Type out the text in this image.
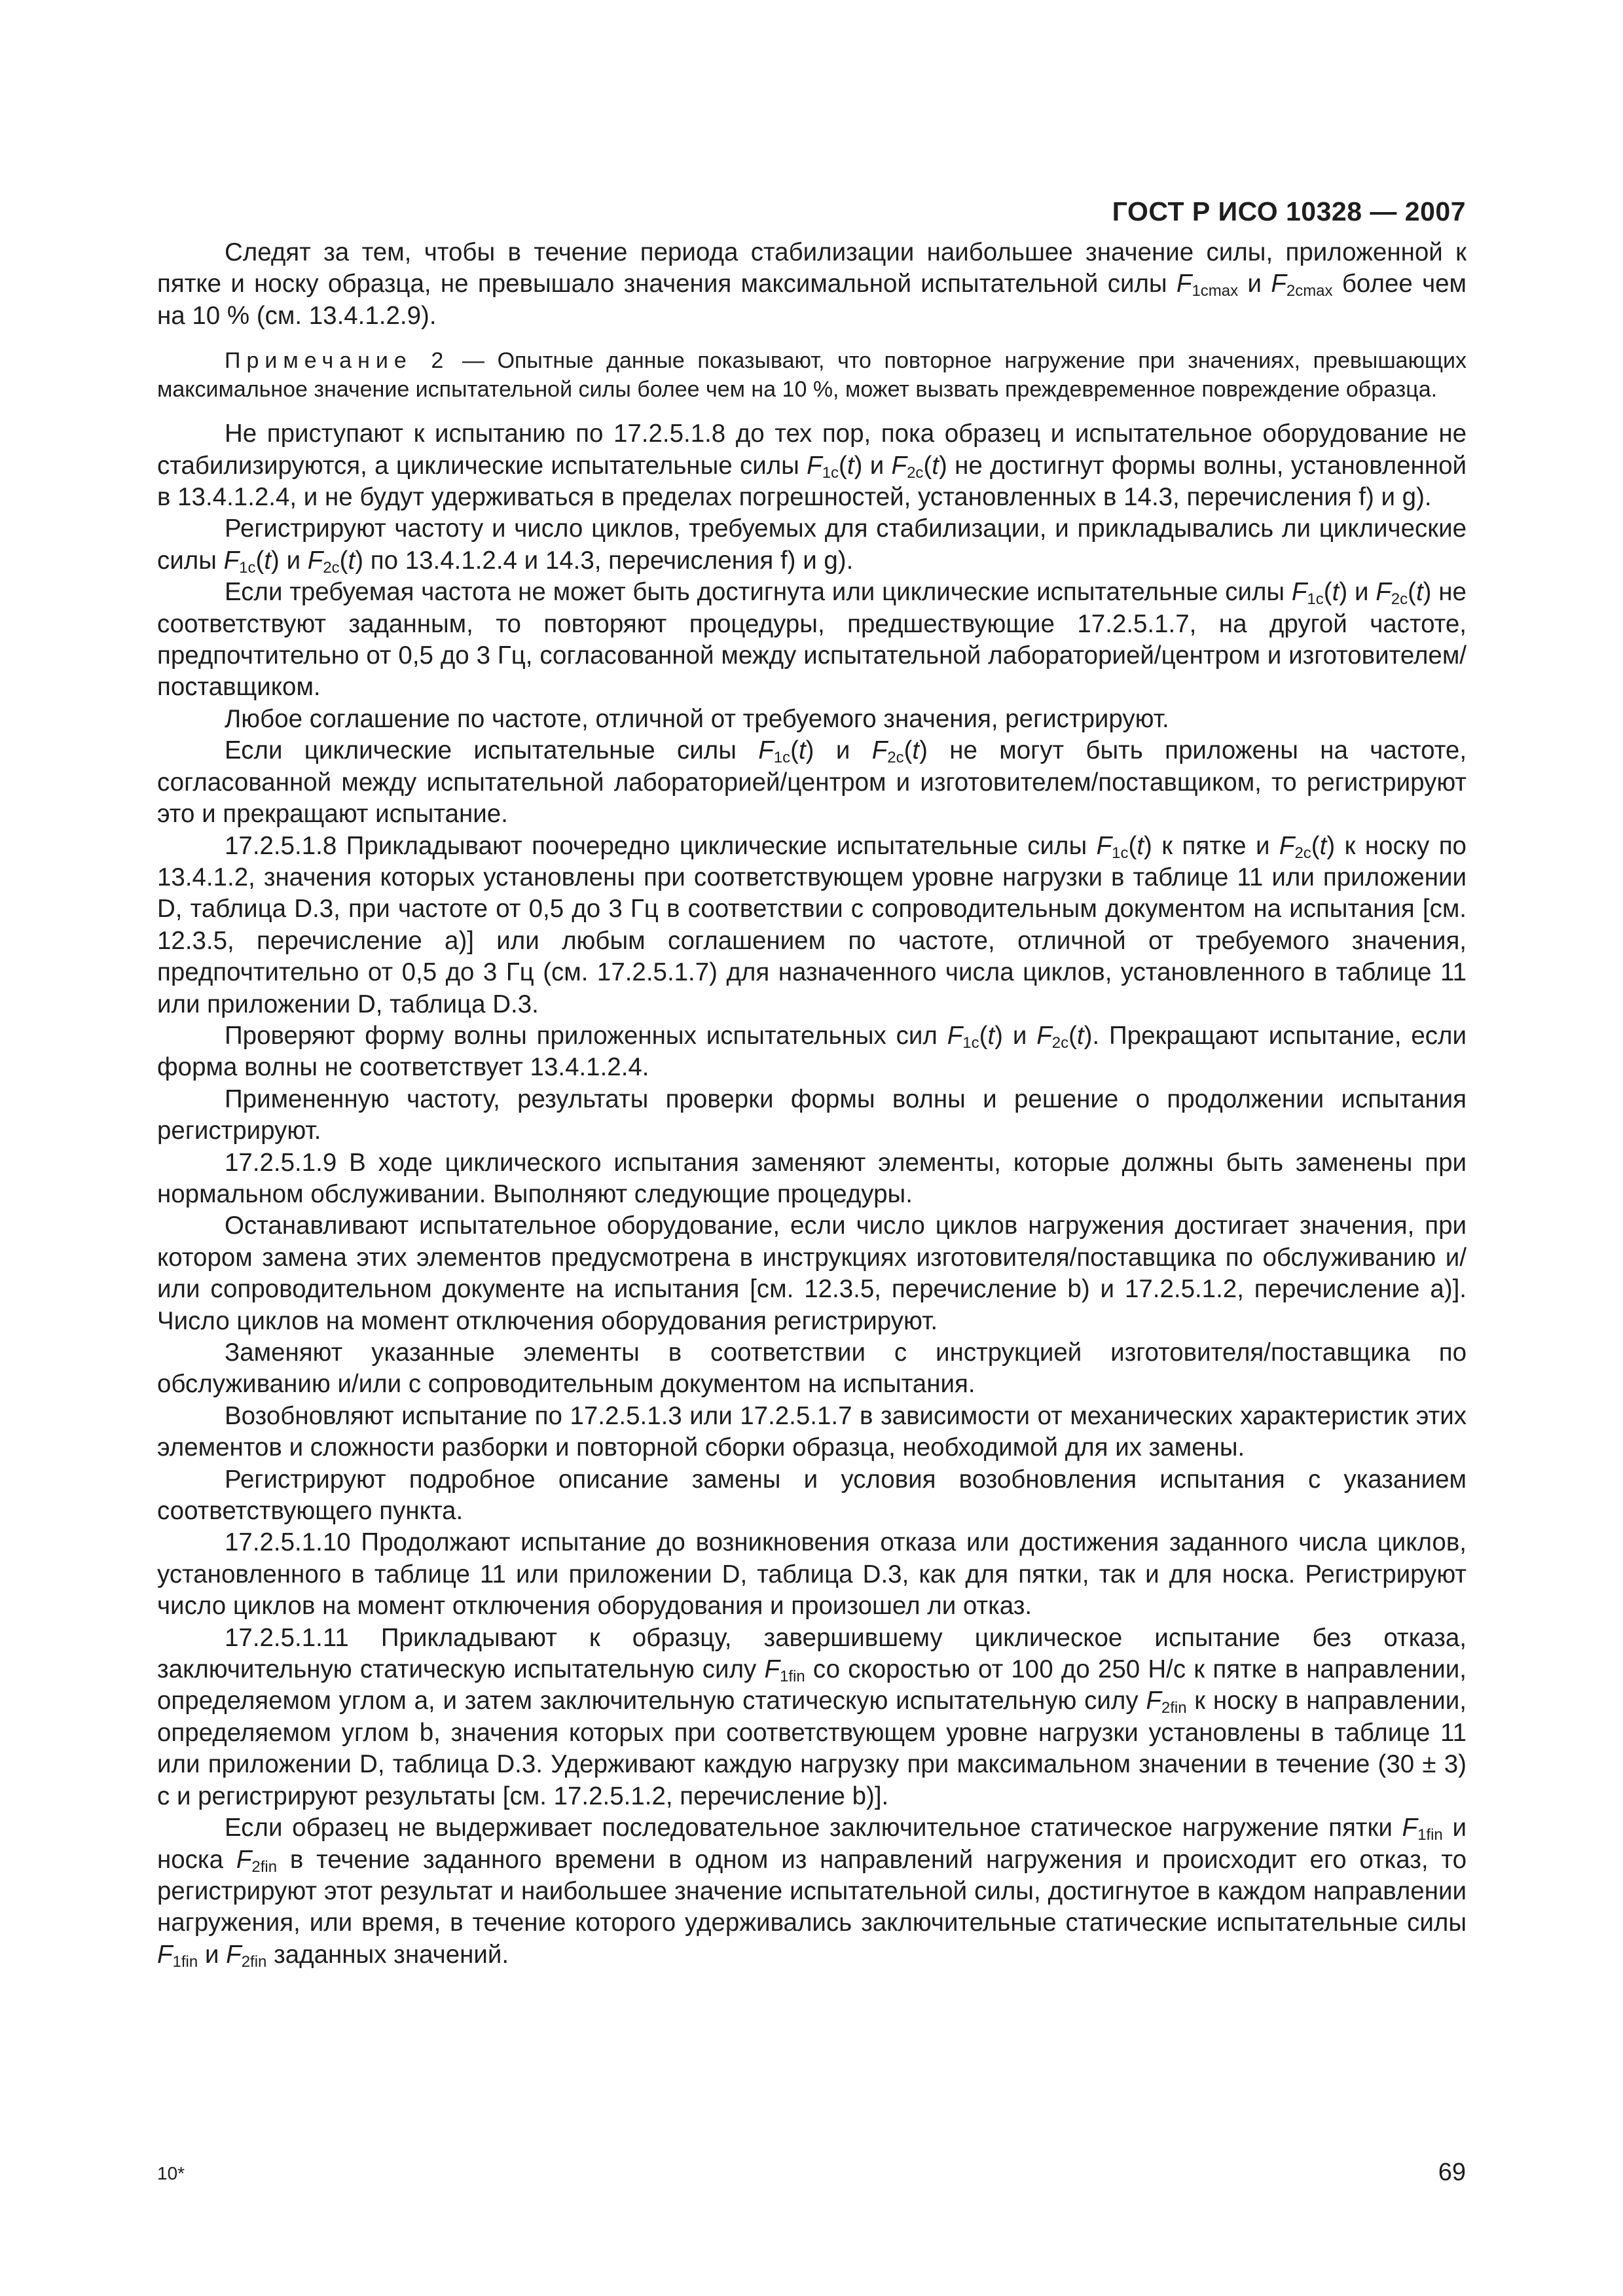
ГОСТ Р ИСО 10328 — 2007

Следят за тем, чтобы в течение периода стабилизации наибольшее значение силы, приложенной к пятке и носку образца, не превышало значения максимальной испытательной силы $F_{1cmax}$ и $F_{2cmax}$ более чем на 10 % (см. 13.4.1.2.9).

Примечание 2 — Опытные данные показывают, что повторное нагружение при значениях, превышающих максимальное значение испытательной силы более чем на 10 %, может вызвать преждевременное повреждение образца.

Не приступают к испытанию по 17.2.5.1.8 до тех пор, пока образец и испытательное оборудование не стабилизируются, а циклические испытательные силы $F_{1c}(t)$ и $F_{2c}(t)$ не достигнут формы волны, установленной в 13.4.1.2.4, и не будут удерживаться в пределах погрешностей, установленных в 14.3, перечисления f) и g).

Регистрируют частоту и число циклов, требуемых для стабилизации, и прикладывались ли циклические силы $F_{1c}(t)$ и $F_{2c}(t)$ по 13.4.1.2.4 и 14.3, перечисления f) и g).

Если требуемая частота не может быть достигнута или циклические испытательные силы $F_{1c}(t)$ и $F_{2c}(t)$ не соответствуют заданным, то повторяют процедуры, предшествующие 17.2.5.1.7, на другой частоте, предпочтительно от 0,5 до 3 Гц, согласованной между испытательной лабораторией/центром и изготовителем/поставщиком.

Любое соглашение по частоте, отличной от требуемого значения, регистрируют.

Если циклические испытательные силы $F_{1c}(t)$ и $F_{2c}(t)$ не могут быть приложены на частоте, согласованной между испытательной лабораторией/центром и изготовителем/поставщиком, то регистрируют это и прекращают испытание.

17.2.5.1.8 Прикладывают поочередно циклические испытательные силы $F_{1c}(t)$ к пятке и $F_{2c}(t)$ к носку по 13.4.1.2, значения которых установлены при соответствующем уровне нагрузки в таблице 11 или приложении D, таблица D.3, при частоте от 0,5 до 3 Гц в соответствии с сопроводительным документом на испытания [см. 12.3.5, перечисление а)] или любым соглашением по частоте, отличной от требуемого значения, предпочтительно от 0,5 до 3 Гц (см. 17.2.5.1.7) для назначенного числа циклов, установленного в таблице 11 или приложении D, таблица D.3.

Проверяют форму волны приложенных испытательных сил $F_{1c}(t)$ и $F_{2c}(t)$. Прекращают испытание, если форма волны не соответствует 13.4.1.2.4.

Примененную частоту, результаты проверки формы волны и решение о продолжении испытания регистрируют.

17.2.5.1.9 В ходе циклического испытания заменяют элементы, которые должны быть заменены при нормальном обслуживании. Выполняют следующие процедуры.

Останавливают испытательное оборудование, если число циклов нагружения достигает значения, при котором замена этих элементов предусмотрена в инструкциях изготовителя/поставщика по обслуживанию и/или сопроводительном документе на испытания [см. 12.3.5, перечисление b) и 17.2.5.1.2, перечисление а)]. Число циклов на момент отключения оборудования регистрируют.

Заменяют указанные элементы в соответствии с инструкцией изготовителя/поставщика по обслуживанию и/или с сопроводительным документом на испытания.

Возобновляют испытание по 17.2.5.1.3 или 17.2.5.1.7 в зависимости от механических характеристик этих элементов и сложности разборки и повторной сборки образца, необходимой для их замены.

Регистрируют подробное описание замены и условия возобновления испытания с указанием соответствующего пункта.

17.2.5.1.10 Продолжают испытание до возникновения отказа или достижения заданного числа циклов, установленного в таблице 11 или приложении D, таблица D.3, как для пятки, так и для носка. Регистрируют число циклов на момент отключения оборудования и произошел ли отказ.

17.2.5.1.11 Прикладывают к образцу, завершившему циклическое испытание без отказа, заключительную статическую испытательную силу $F_{1fin}$ со скоростью от 100 до 250 Н/с к пятке в направлении, определяемом углом a, и затем заключительную статическую испытательную силу $F_{2fin}$ к носку в направлении, определяемом углом b, значения которых при соответствующем уровне нагрузки установлены в таблице 11 или приложении D, таблица D.3. Удерживают каждую нагрузку при максимальном значении в течение (30 ± 3) с и регистрируют результаты [см. 17.2.5.1.2, перечисление b)].

Если образец не выдерживает последовательное заключительное статическое нагружение пятки $F_{1fin}$ и носка $F_{2fin}$ в течение заданного времени в одном из направлений нагружения и происходит его отказ, то регистрируют этот результат и наибольшее значение испытательной силы, достигнутое в каждом направлении нагружения, или время, в течение которого удерживались заключительные статические испытательные силы $F_{1fin}$ и $F_{2fin}$ заданных значений.

10*	69
